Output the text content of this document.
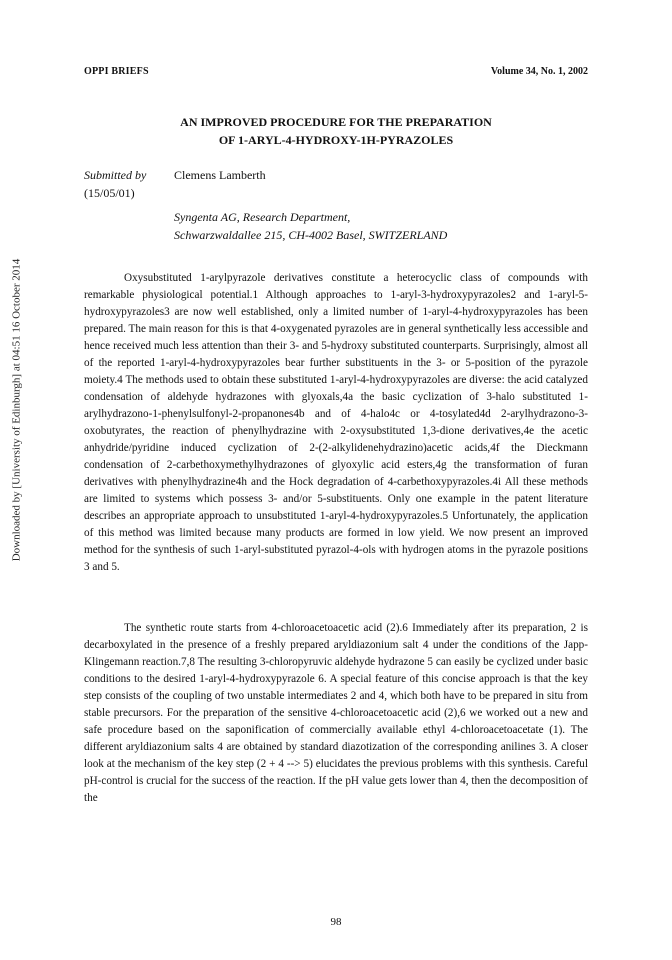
OPPI BRIEFS	Volume 34, No. 1, 2002
AN IMPROVED PROCEDURE FOR THE PREPARATION
OF 1-ARYL-4-HYDROXY-1H-PYRAZOLES
Submitted by
(15/05/01)
Clemens Lamberth
Syngenta AG, Research Department,
Schwarzwaldallee 215, CH-4002 Basel, SWITZERLAND

Oxysubstituted 1-arylpyrazole derivatives constitute a heterocyclic class of compounds with remarkable physiological potential.1 Although approaches to 1-aryl-3-hydroxypyrazoles2 and 1-aryl-5-hydroxypyrazoles3 are now well established, only a limited number of 1-aryl-4-hydroxypyrazoles has been prepared. The main reason for this is that 4-oxygenated pyrazoles are in general synthetically less accessible and hence received much less attention than their 3- and 5-hydroxy substituted counterparts. Surprisingly, almost all of the reported 1-aryl-4-hydroxypyrazoles bear further substituents in the 3- or 5-position of the pyrazole moiety.4 The methods used to obtain these substituted 1-aryl-4-hydroxypyrazoles are diverse: the acid catalyzed condensation of aldehyde hydrazones with glyoxals,4a the basic cyclization of 3-halo substituted 1-arylhydrazono-1-phenylsulfonyl-2-propanones4b and of 4-halo4c or 4-tosylated4d 2-arylhydrazono-3-oxobutyrates, the reaction of phenylhydrazine with 2-oxysubstituted 1,3-dione derivatives,4e the acetic anhydride/pyridine induced cyclization of 2-(2-alkylidenehydrazino)acetic acids,4f the Dieckmann condensation of 2-carbethoxymethylhydrazones of glyoxylic acid esters,4g the transformation of furan derivatives with phenylhydrazine4h and the Hock degradation of 4-carbethoxypyrazoles.4i All these methods are limited to systems which possess 3- and/or 5-substituents. Only one example in the patent literature describes an appropriate approach to unsubstituted 1-aryl-4-hydroxypyrazoles.5 Unfortunately, the application of this method was limited because many products are formed in low yield. We now present an improved method for the synthesis of such 1-aryl-substituted pyrazol-4-ols with hydrogen atoms in the pyrazole positions 3 and 5.

The synthetic route starts from 4-chloroacetoacetic acid (2).6 Immediately after its preparation, 2 is decarboxylated in the presence of a freshly prepared aryldiazonium salt 4 under the conditions of the Japp-Klingemann reaction.7,8 The resulting 3-chloropyruvic aldehyde hydrazone 5 can easily be cyclized under basic conditions to the desired 1-aryl-4-hydroxypyrazole 6. A special feature of this concise approach is that the key step consists of the coupling of two unstable intermediates 2 and 4, which both have to be prepared in situ from stable precursors. For the preparation of the sensitive 4-chloroacetoacetic acid (2),6 we worked out a new and safe procedure based on the saponification of commercially available ethyl 4-chloroacetoacetate (1). The different aryldiazonium salts 4 are obtained by standard diazotization of the corresponding anilines 3. A closer look at the mechanism of the key step (2 + 4 --> 5) elucidates the previous problems with this synthesis. Careful pH-control is crucial for the success of the reaction. If the pH value gets lower than 4, then the decomposition of the

98
Downloaded by [University of Edinburgh] at 04:51 16 October 2014
